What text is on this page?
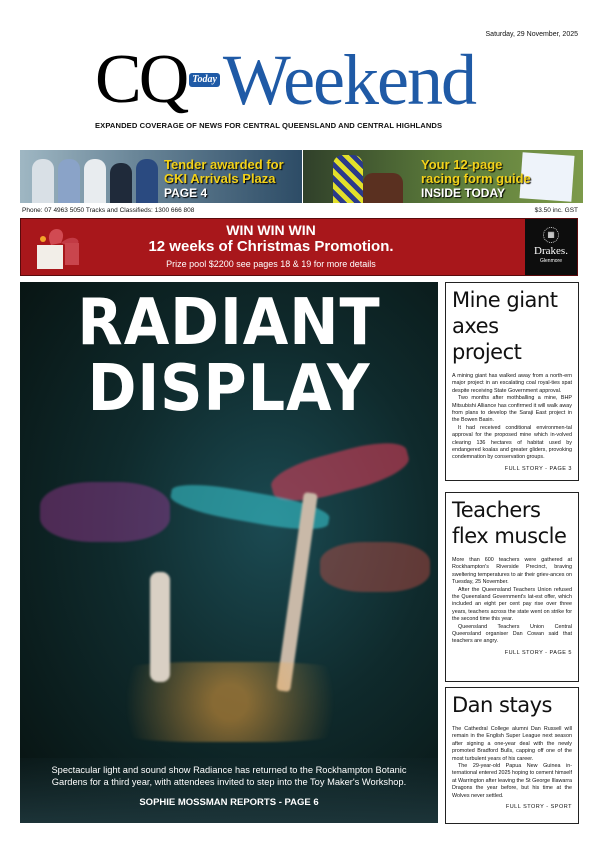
Saturday, 29 November, 2025
CQ Today Weekend
EXPANDED COVERAGE OF NEWS FOR CENTRAL QUEENSLAND AND CENTRAL HIGHLANDS
Tender awarded for
GKI Arrivals Plaza
PAGE 4
Your 12-page
racing form guide
INSIDE TODAY
Phone: 07 4963 5050 Tracks and Classifieds: 1300 666 808	$3.50 inc. GST
WIN WIN WIN
12 weeks of Christmas Promotion.
Prize pool $2200 see pages 18 & 19 for more details
▦
Drakes.
Glenmore
RADIANT
DISPLAY
Spectacular light and sound show Radiance has returned to the Rockhampton Botanic
Gardens for a third year, with attendees invited to step into the Toy Maker's Workshop.
SOPHIE MOSSMAN REPORTS - PAGE 6
Mine giant axes project

A mining giant has walked away from a north-ern major project in an escalating coal royal-ties spat despite receiving State Government approval.

Two months after mothballing a mine, BHP Mitsubishi Alliance has confirmed it will walk away from plans to develop the Saraji East project in the Bowen Basin.

It had received conditional environmen-tal approval for the proposed mine which in-volved clearing 136 hectares of habitat used by endangered koalas and greater gliders, provoking condemnation by conservation groups.

FULL STORY - PAGE 3
Teachers flex muscle

More than 600 teachers were gathered at Rockhampton's Riverside Precinct, braving sweltering temperatures to air their griev-ances on Tuesday, 25 November.

After the Queensland Teachers Union refused the Queensland Government's lat-est offer, which included an eight per cent pay rise over three years, teachers across the state went on strike for the second time this year.

Queensland Teachers Union Central Queensland organiser Dan Cowan said that teachers are angry.

FULL STORY - PAGE 5
Dan stays

The Cathedral College alumni Dan Russell will remain in the English Super League next season after signing a one-year deal with the newly promoted Bradford Bulls, capping off one of the most turbulent years of his career.

The 29-year-old Papua New Guinea in-ternational entered 2025 hoping to cement himself at Warrington after leaving the St George Illawarra Dragons the year before, but his time at the Wolves never settled.

FULL STORY - SPORT
